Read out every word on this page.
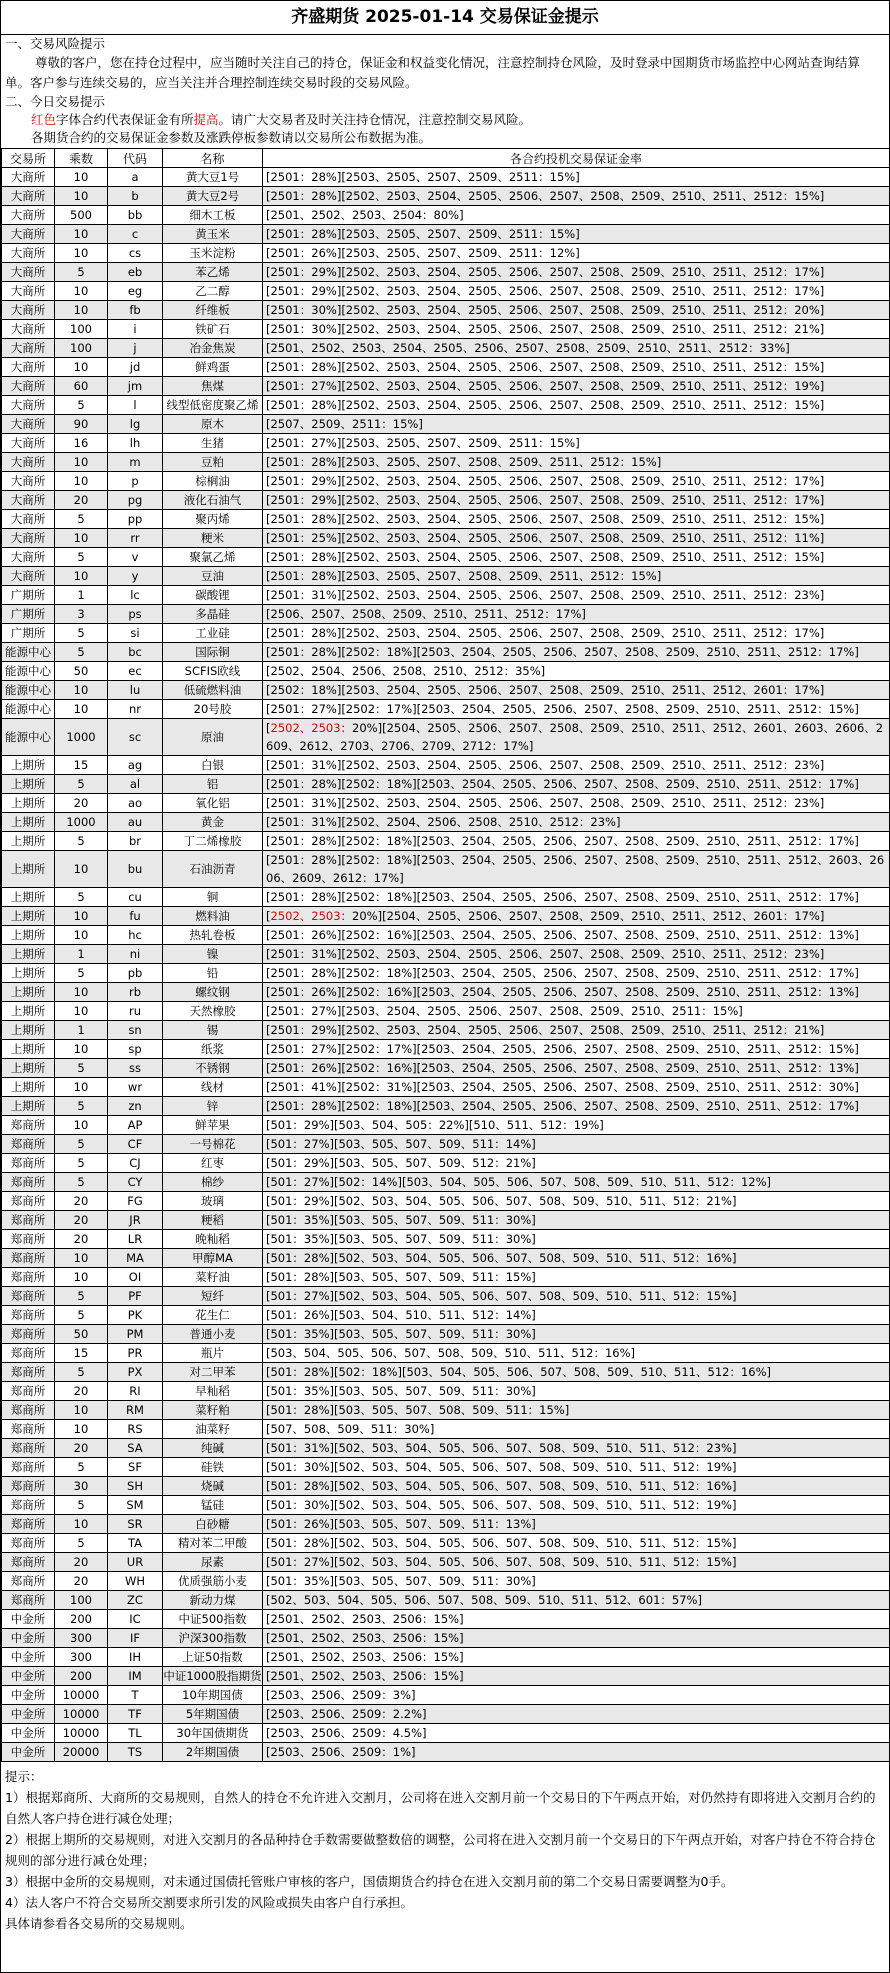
齐盛期货 2025-01-14 交易保证金提示
一、交易风险提示
尊敬的客户，您在持仓过程中，应当随时关注自己的持仓，保证金和权益变化情况，注意控制持仓风险，及时登录中国期货市场监控中心网站查询结算单。客户参与连续交易的，应当关注并合理控制连续交易时段的交易风险。
二、今日交易提示
红色字体合约代表保证金有所提高。请广大交易者及时关注持仓情况，注意控制交易风险。
各期货合约的交易保证金参数及涨跌停板参数请以交易所公布数据为准。
交易所	乘数	代码	名称	各合约投机交易保证金率
大商所	10	a	黄大豆1号	[2501：28%][2503、2505、2507、2509、2511：15%]
大商所	10	b	黄大豆2号	[2501：28%][2502、2503、2504、2505、2506、2507、2508、2509、2510、2511、2512：15%]
大商所	500	bb	细木工板	[2501、2502、2503、2504：80%]
大商所	10	c	黄玉米	[2501：28%][2503、2505、2507、2509、2511：15%]
大商所	10	cs	玉米淀粉	[2501：26%][2503、2505、2507、2509、2511：12%]
大商所	5	eb	苯乙烯	[2501：29%][2502、2503、2504、2505、2506、2507、2508、2509、2510、2511、2512：17%]
大商所	10	eg	乙二醇	[2501：29%][2502、2503、2504、2505、2506、2507、2508、2509、2510、2511、2512：17%]
大商所	10	fb	纤维板	[2501：30%][2502、2503、2504、2505、2506、2507、2508、2509、2510、2511、2512：20%]
大商所	100	i	铁矿石	[2501：30%][2502、2503、2504、2505、2506、2507、2508、2509、2510、2511、2512：21%]
大商所	100	j	冶金焦炭	[2501、2502、2503、2504、2505、2506、2507、2508、2509、2510、2511、2512：33%]
大商所	10	jd	鲜鸡蛋	[2501：28%][2502、2503、2504、2505、2506、2507、2508、2509、2510、2511、2512：15%]
大商所	60	jm	焦煤	[2501：27%][2502、2503、2504、2505、2506、2507、2508、2509、2510、2511、2512：19%]
大商所	5	l	线型低密度聚乙烯	[2501：28%][2502、2503、2504、2505、2506、2507、2508、2509、2510、2511、2512：15%]
大商所	90	lg	原木	[2507、2509、2511：15%]
大商所	16	lh	生猪	[2501：27%][2503、2505、2507、2509、2511：15%]
大商所	10	m	豆粕	[2501：28%][2503、2505、2507、2508、2509、2511、2512：15%]
大商所	10	p	棕榈油	[2501：29%][2502、2503、2504、2505、2506、2507、2508、2509、2510、2511、2512：17%]
大商所	20	pg	液化石油气	[2501：29%][2502、2503、2504、2505、2506、2507、2508、2509、2510、2511、2512：17%]
大商所	5	pp	聚丙烯	[2501：28%][2502、2503、2504、2505、2506、2507、2508、2509、2510、2511、2512：15%]
大商所	10	rr	粳米	[2501：25%][2502、2503、2504、2505、2506、2507、2508、2509、2510、2511、2512：11%]
大商所	5	v	聚氯乙烯	[2501：28%][2502、2503、2504、2505、2506、2507、2508、2509、2510、2511、2512：15%]
大商所	10	y	豆油	[2501：28%][2503、2505、2507、2508、2509、2511、2512：15%]
广期所	1	lc	碳酸锂	[2501：31%][2502、2503、2504、2505、2506、2507、2508、2509、2510、2511、2512：23%]
广期所	3	ps	多晶硅	[2506、2507、2508、2509、2510、2511、2512：17%]
广期所	5	si	工业硅	[2501：28%][2502、2503、2504、2505、2506、2507、2508、2509、2510、2511、2512：17%]
能源中心	5	bc	国际铜	[2501：28%][2502：18%][2503、2504、2505、2506、2507、2508、2509、2510、2511、2512：17%]
能源中心	50	ec	SCFIS欧线	[2502、2504、2506、2508、2510、2512：35%]
能源中心	10	lu	低硫燃料油	[2502：18%][2503、2504、2505、2506、2507、2508、2509、2510、2511、2512、2601：17%]
能源中心	10	nr	20号胶	[2501：27%][2502：17%][2503、2504、2505、2506、2507、2508、2509、2510、2511、2512：15%]
能源中心	1000	sc	原油	[2502、2503：20%][2504、2505、2506、2507、2508、2509、2510、2511、2512、2601、2603、2606、2609、2612、2703、2706、2709、2712：17%]
上期所	15	ag	白银	[2501：31%][2502、2503、2504、2505、2506、2507、2508、2509、2510、2511、2512：23%]
上期所	5	al	铝	[2501：28%][2502：18%][2503、2504、2505、2506、2507、2508、2509、2510、2511、2512：17%]
上期所	20	ao	氧化铝	[2501：31%][2502、2503、2504、2505、2506、2507、2508、2509、2510、2511、2512：23%]
上期所	1000	au	黄金	[2501：31%][2502、2504、2506、2508、2510、2512：23%]
上期所	5	br	丁二烯橡胶	[2501：28%][2502：18%][2503、2504、2505、2506、2507、2508、2509、2510、2511、2512：17%]
上期所	10	bu	石油沥青	[2501：28%][2502：18%][2503、2504、2505、2506、2507、2508、2509、2510、2511、2512、2603、2606、2609、2612：17%]
上期所	5	cu	铜	[2501：28%][2502：18%][2503、2504、2505、2506、2507、2508、2509、2510、2511、2512：17%]
上期所	10	fu	燃料油	[2502、2503：20%][2504、2505、2506、2507、2508、2509、2510、2511、2512、2601：17%]
上期所	10	hc	热轧卷板	[2501：26%][2502：16%][2503、2504、2505、2506、2507、2508、2509、2510、2511、2512：13%]
上期所	1	ni	镍	[2501：31%][2502、2503、2504、2505、2506、2507、2508、2509、2510、2511、2512：23%]
上期所	5	pb	铅	[2501：28%][2502：18%][2503、2504、2505、2506、2507、2508、2509、2510、2511、2512：17%]
上期所	10	rb	螺纹钢	[2501：26%][2502：16%][2503、2504、2505、2506、2507、2508、2509、2510、2511、2512：13%]
上期所	10	ru	天然橡胶	[2501：27%][2503、2504、2505、2506、2507、2508、2509、2510、2511：15%]
上期所	1	sn	锡	[2501：29%][2502、2503、2504、2505、2506、2507、2508、2509、2510、2511、2512：21%]
上期所	10	sp	纸浆	[2501：27%][2502：17%][2503、2504、2505、2506、2507、2508、2509、2510、2511、2512：15%]
上期所	5	ss	不锈钢	[2501：26%][2502：16%][2503、2504、2505、2506、2507、2508、2509、2510、2511、2512：13%]
上期所	10	wr	线材	[2501：41%][2502：31%][2503、2504、2505、2506、2507、2508、2509、2510、2511、2512：30%]
上期所	5	zn	锌	[2501：28%][2502：18%][2503、2504、2505、2506、2507、2508、2509、2510、2511、2512：17%]
郑商所	10	AP	鲜苹果	[501：29%][503、504、505：22%][510、511、512：19%]
郑商所	5	CF	一号棉花	[501：27%][503、505、507、509、511：14%]
郑商所	5	CJ	红枣	[501：29%][503、505、507、509、512：21%]
郑商所	5	CY	棉纱	[501：27%][502：14%][503、504、505、506、507、508、509、510、511、512：12%]
郑商所	20	FG	玻璃	[501：29%][502、503、504、505、506、507、508、509、510、511、512：21%]
郑商所	20	JR	粳稻	[501：35%][503、505、507、509、511：30%]
郑商所	20	LR	晚籼稻	[501：35%][503、505、507、509、511：30%]
郑商所	10	MA	甲醇MA	[501：28%][502、503、504、505、506、507、508、509、510、511、512：16%]
郑商所	10	OI	菜籽油	[501：28%][503、505、507、509、511：15%]
郑商所	5	PF	短纤	[501：27%][502、503、504、505、506、507、508、509、510、511、512：15%]
郑商所	5	PK	花生仁	[501：26%][503、504、510、511、512：14%]
郑商所	50	PM	普通小麦	[501：35%][503、505、507、509、511：30%]
郑商所	15	PR	瓶片	[503、504、505、506、507、508、509、510、511、512：16%]
郑商所	5	PX	对二甲苯	[501：28%][502：18%][503、504、505、506、507、508、509、510、511、512：16%]
郑商所	20	RI	早籼稻	[501：35%][503、505、507、509、511：30%]
郑商所	10	RM	菜籽粕	[501：28%][503、505、507、508、509、511：15%]
郑商所	10	RS	油菜籽	[507、508、509、511：30%]
郑商所	20	SA	纯碱	[501：31%][502、503、504、505、506、507、508、509、510、511、512：23%]
郑商所	5	SF	硅铁	[501：30%][502、503、504、505、506、507、508、509、510、511、512：19%]
郑商所	30	SH	烧碱	[501：28%][502、503、504、505、506、507、508、509、510、511、512：16%]
郑商所	5	SM	锰硅	[501：30%][502、503、504、505、506、507、508、509、510、511、512：19%]
郑商所	10	SR	白砂糖	[501：26%][503、505、507、509、511：13%]
郑商所	5	TA	精对苯二甲酸	[501：28%][502、503、504、505、506、507、508、509、510、511、512：15%]
郑商所	20	UR	尿素	[501：27%][502、503、504、505、506、507、508、509、510、511、512：15%]
郑商所	20	WH	优质强筋小麦	[501：35%][503、505、507、509、511：30%]
郑商所	100	ZC	新动力煤	[502、503、504、505、506、507、508、509、510、511、512、601：57%]
中金所	200	IC	中证500指数	[2501、2502、2503、2506：15%]
中金所	300	IF	沪深300指数	[2501、2502、2503、2506：15%]
中金所	300	IH	上证50指数	[2501、2502、2503、2506：15%]
中金所	200	IM	中证1000股指期货	[2501、2502、2503、2506：15%]
中金所	10000	T	10年期国债	[2503、2506、2509：3%]
中金所	10000	TF	5年期国债	[2503、2506、2509：2.2%]
中金所	10000	TL	30年国债期货	[2503、2506、2509：4.5%]
中金所	20000	TS	2年期国债	[2503、2506、2509：1%]
提示：
1）根据郑商所、大商所的交易规则，自然人的持仓不允许进入交割月，公司将在进入交割月前一个交易日的下午两点开始，对仍然持有即将进入交割月合约的自然人客户持仓进行减仓处理；
2）根据上期所的交易规则，对进入交割月的各品种持仓手数需要做整数倍的调整，公司将在进入交割月前一个交易日的下午两点开始，对客户持仓不符合持仓规则的部分进行减仓处理；
3）根据中金所的交易规则，对未通过国债托管账户审核的客户，国债期货合约持仓在进入交割月前的第二个交易日需要调整为0手。
4）法人客户不符合交易所交割要求所引发的风险或损失由客户自行承担。
具体请参看各交易所的交易规则。
